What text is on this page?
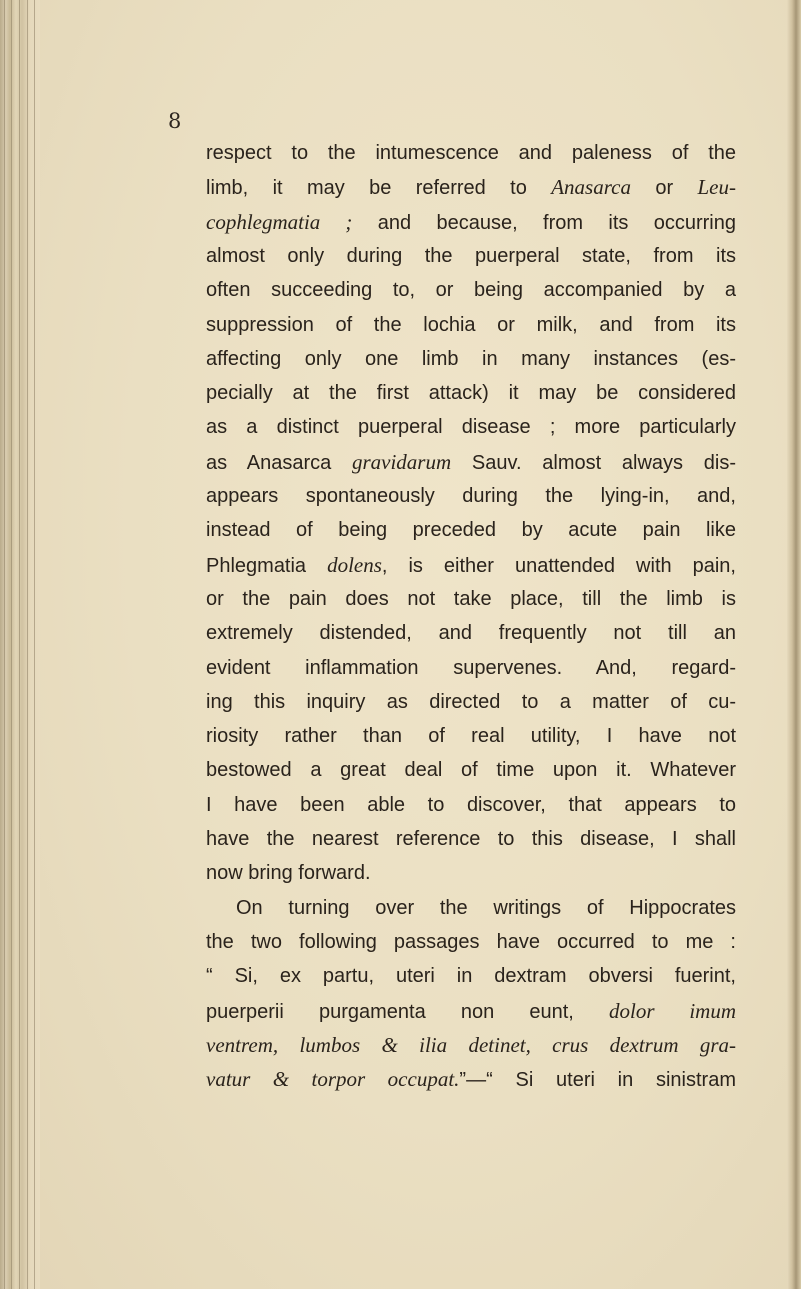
8

respect to the intumescence and paleness of the

limb, it may be referred to Anasarca or Leu-

cophlegmatia ; and because, from its occurring

almost only during the puerperal state, from its

often succeeding to, or being accompanied by a

suppression of the lochia or milk, and from its

affecting only one limb in many instances (es-

pecially at the first attack) it may be considered

as a distinct puerperal disease ; more particularly

as Anasarca gravidarum Sauv. almost always dis-

appears spontaneously during the lying-in, and,

instead of being preceded by acute pain like

Phlegmatia dolens, is either unattended with pain,

or the pain does not take place, till the limb is

extremely distended, and frequently not till an

evident inflammation supervenes. And, regard-

ing this inquiry as directed to a matter of cu-

riosity rather than of real utility, I have not

bestowed a great deal of time upon it. Whatever

I have been able to discover, that appears to

have the nearest reference to this disease, I shall

now bring forward.

On turning over the writings of Hippocrates

the two following passages have occurred to me :

“ Si, ex partu, uteri in dextram obversi fuerint,

puerperii purgamenta non eunt, dolor imum

ventrem, lumbos & ilia detinet, crus dextrum gra-

vatur & torpor occupat.”—“ Si uteri in sinistram
